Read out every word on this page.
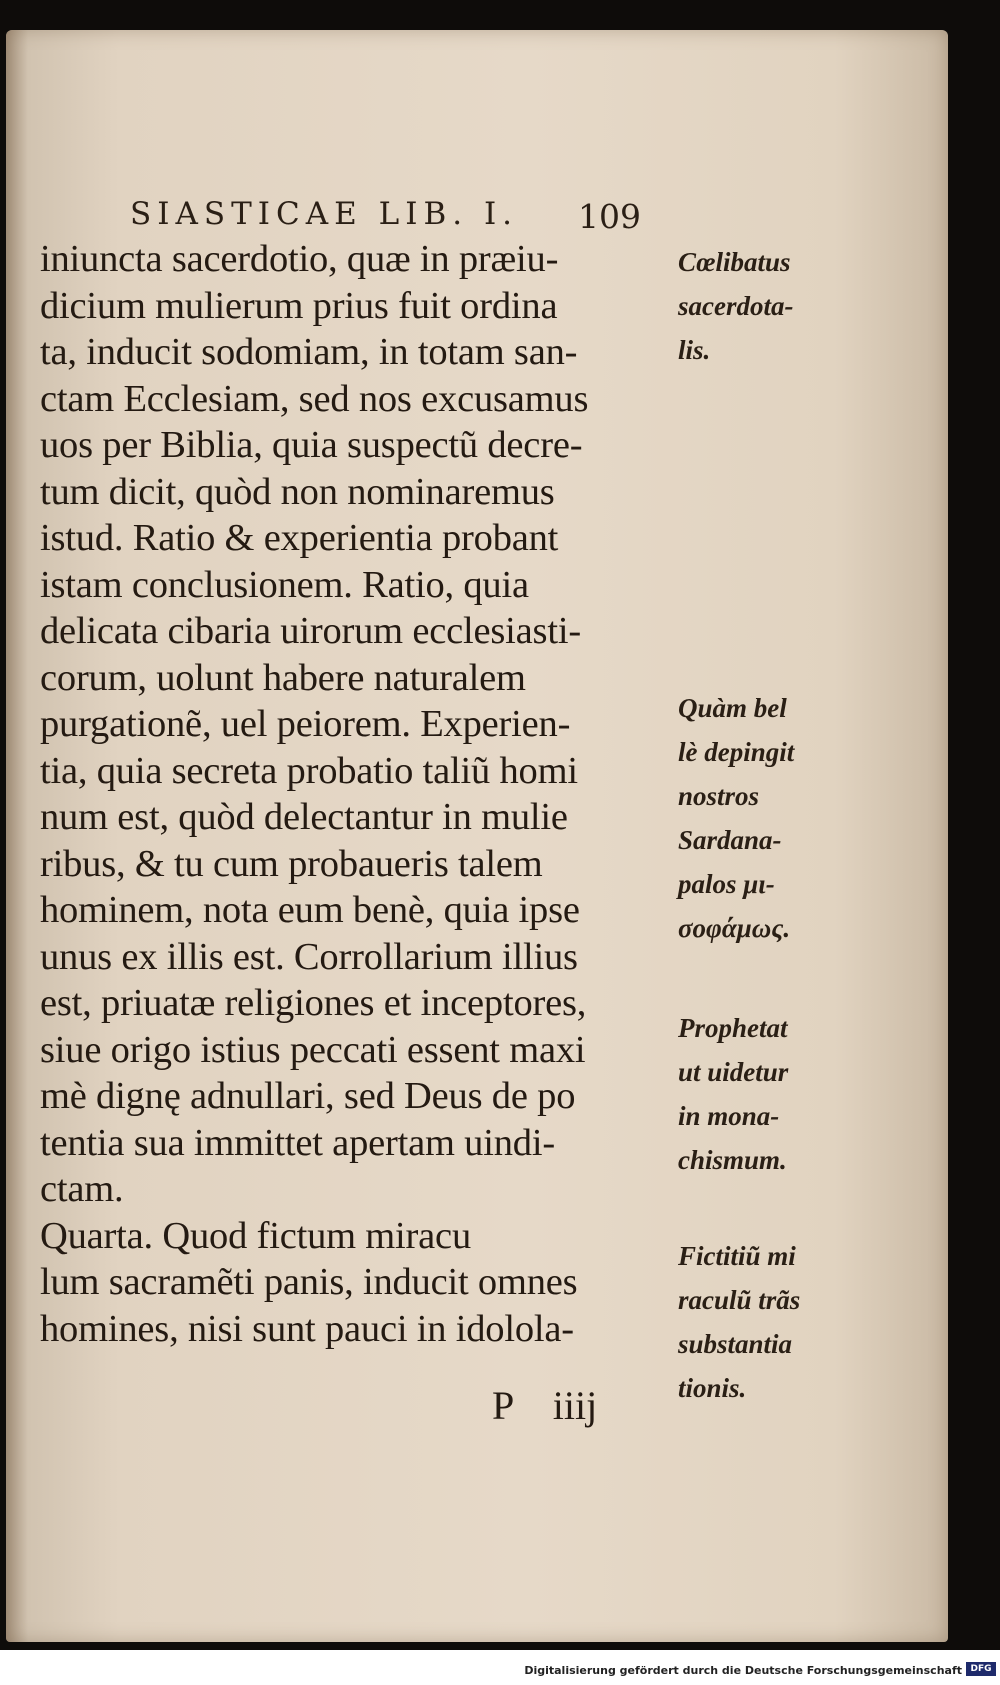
SIASTICAE LIB. I.	109
iniuncta sacerdotio, quæ in præiu-
dicium mulierum prius fuit ordina
ta, inducit sodomiam, in totam san-
ctam Ecclesiam, sed nos excusamus
uos per Biblia, quia suspectũ decre-
tum dicit, quòd non nominaremus
istud. Ratio & experientia probant
istam conclusionem. Ratio, quia
delicata cibaria uirorum ecclesiasti-
corum, uolunt habere naturalem
purgationẽ, uel peiorem. Experien-
tia, quia secreta probatio taliũ homi
num est, quòd delectantur in mulie
ribus, & tu cum probaueris talem
hominem, nota eum benè, quia ipse
unus ex illis est. Corrollarium illius
est, priuatæ religiones et inceptores,
siue origo istius peccati essent maxi
mè dignę adnullari, sed Deus de po
tentia sua immittet apertam uindi-
ctam.
Quarta. Quod fictum miracu
lum sacramẽti panis, inducit omnes
homines, nisi sunt pauci in idolola-
Cœlibatus
sacerdota-
lis.
Quàm bel
lè depingit
nostros
Sardana-
palos μι-
σοφάμως.
Prophetat
ut uidetur
in mona-
chismum.
Fictitiũ mi
raculũ trãs
substantia
tionis.
P iiij
Digitalisierung gefördert durch die Deutsche Forschungsgemeinschaft DFG
